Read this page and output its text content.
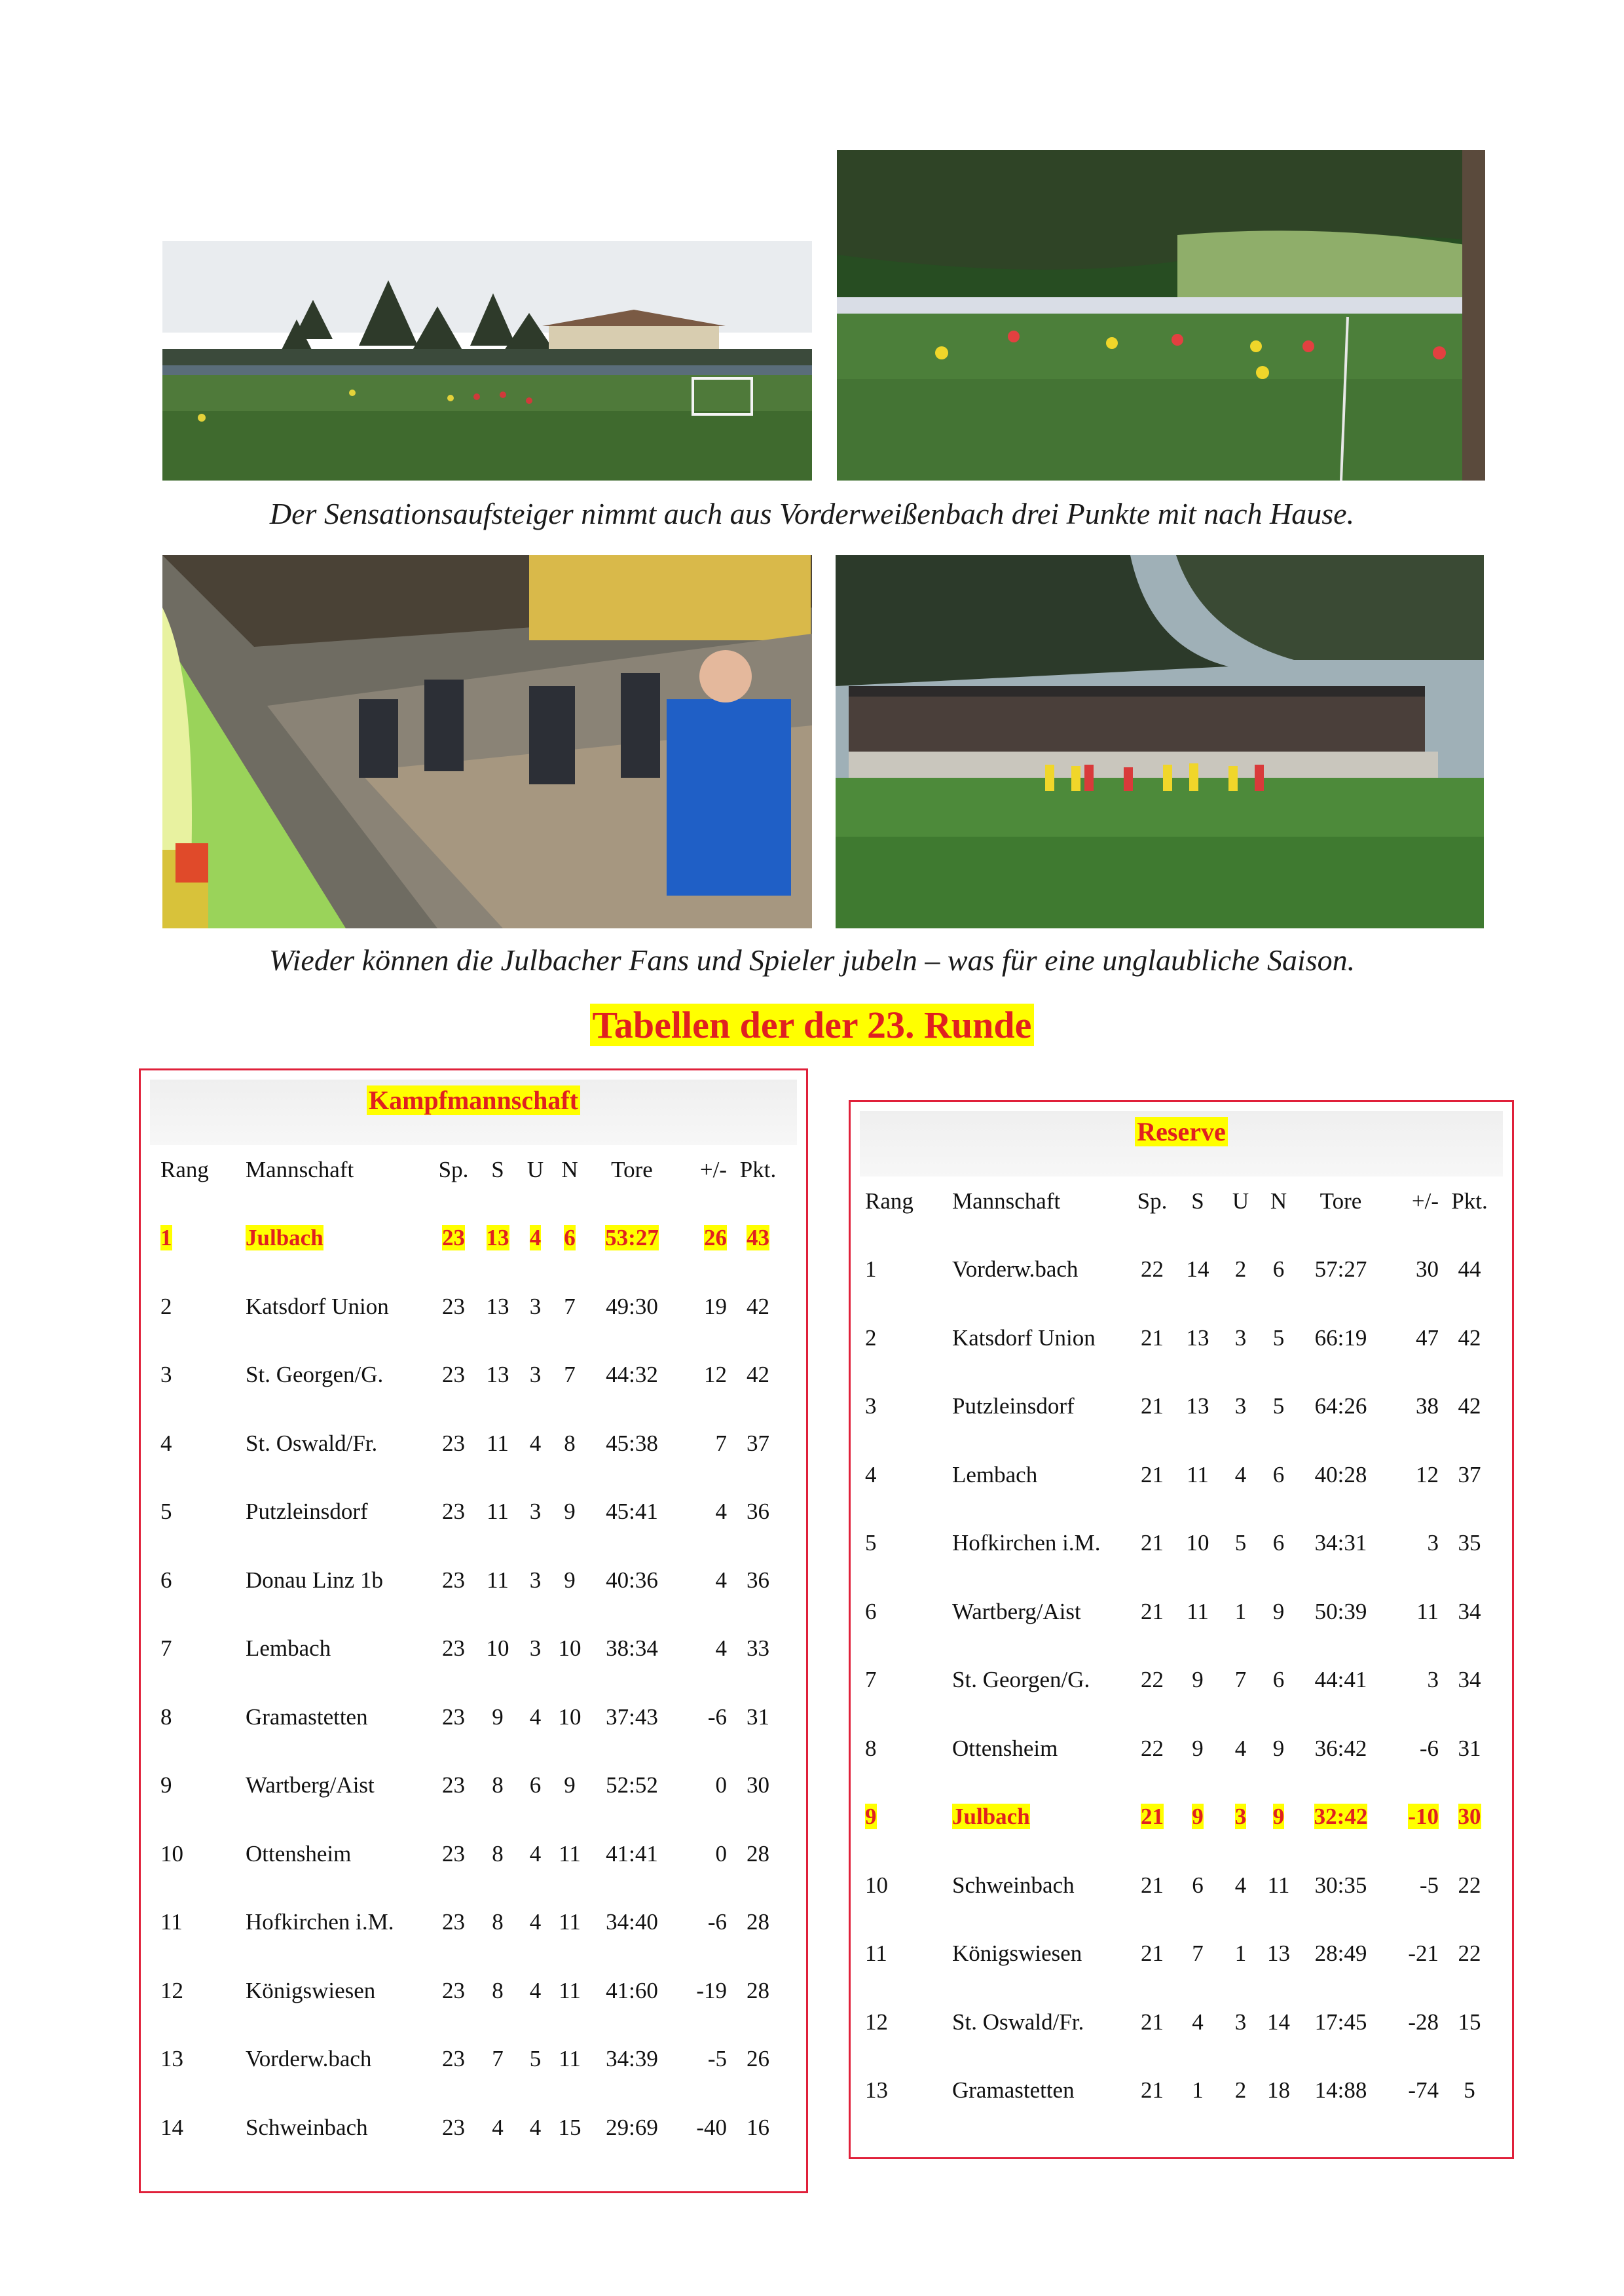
Der Sensationsaufsteiger nimmt auch aus Vorderweißenbach drei Punkte mit nach Hause.
Wieder können die Julbacher Fans und Spieler jubeln – was für eine unglaubliche Saison.
Tabellen der der 23. Runde
Kampfmannschaft
Rang	Mannschaft	Sp. S	U N	Tore	+/- Pkt.
1	Julbach	23 13 4	6	53:27	26 43
2	Katsdorf Union	23 13 3	7	49:30	19 42
3	St. Georgen/G.	23 13 3	7	44:32	12 42
4	St. Oswald/Fr.	23 11 4	8	45:38	7 37
5	Putzleinsdorf	23 11 3	9	45:41	4 36
6	Donau Linz 1b	23 11 3	9	40:36	4 36
7	Lembach	23 10 3 10	38:34	4 33
8	Gramastetten	23	9	4 10	37:43	-6 31
9	Wartberg/Aist	23	8	6	9	52:52	0 30
10	Ottensheim	23	8	4 11	41:41	0 28
11	Hofkirchen i.M.	23	8	4 11	34:40	-6 28
12	Königswiesen	23	8	4 11	41:60	-19 28
13	Vorderw.bach	23	7	5 11	34:39	-5 26
14	Schweinbach	23	4	4 15	29:69	-40 16
Reserve
Rang	Mannschaft	Sp.	S	U N	Tore	+/- Pkt.
1	Vorderw.bach	22 14	2	6	57:27	30 44
2	Katsdorf Union	21 13	3	5	66:19	47 42
3	Putzleinsdorf	21 13	3	5	64:26	38 42
4	Lembach	21	11	4	6	40:28	12 37
5	Hofkirchen i.M.	21 10	5	6	34:31	3 35
6	Wartberg/Aist	21	11	1	9	50:39	11 34
7	St. Georgen/G.	22	9	7	6	44:41	3 34
8	Ottensheim	22	9	4	9	36:42	-6 31
9	Julbach	21	9	3	9	32:42	-10 30
10	Schweinbach	21	6	4 11	30:35	-5 22
11	Königswiesen	21	7	1 13	28:49	-21 22
12	St. Oswald/Fr.	21	4	3 14	17:45	-28 15
13	Gramastetten	21	1	2 18	14:88	-74	5
